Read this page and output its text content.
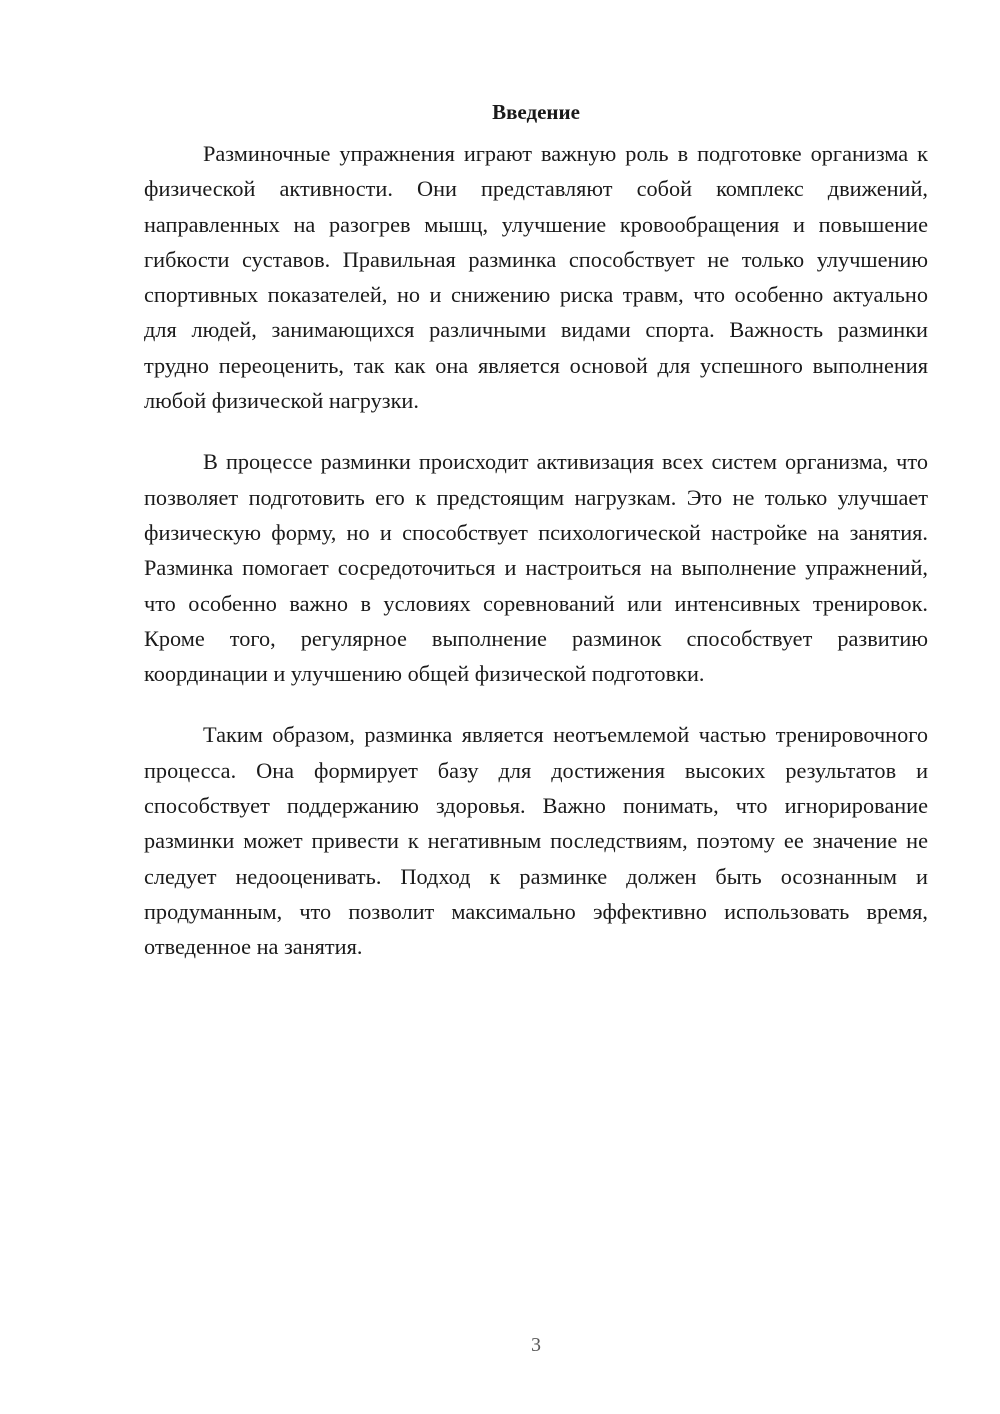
Введение

Разминочные упражнения играют важную роль в подготовке организма к физической активности. Они представляют собой комплекс движений, направленных на разогрев мышц, улучшение кровообращения и повышение гибкости суставов. Правильная разминка способствует не только улучшению спортивных показателей, но и снижению риска травм, что особенно актуально для людей, занимающихся различными видами спорта. Важность разминки трудно переоценить, так как она является основой для успешного выполнения любой физической нагрузки.

В процессе разминки происходит активизация всех систем организма, что позволяет подготовить его к предстоящим нагрузкам. Это не только улучшает физическую форму, но и способствует психологической настройке на занятия. Разминка помогает сосредоточиться и настроиться на выполнение упражнений, что особенно важно в условиях соревнований или интенсивных тренировок. Кроме того, регулярное выполнение разминок способствует развитию координации и улучшению общей физической подготовки.

Таким образом, разминка является неотъемлемой частью тренировочного процесса. Она формирует базу для достижения высоких результатов и способствует поддержанию здоровья. Важно понимать, что игнорирование разминки может привести к негативным последствиям, поэтому ее значение не следует недооценивать. Подход к разминке должен быть осознанным и продуманным, что позволит максимально эффективно использовать время, отведенное на занятия.

3
